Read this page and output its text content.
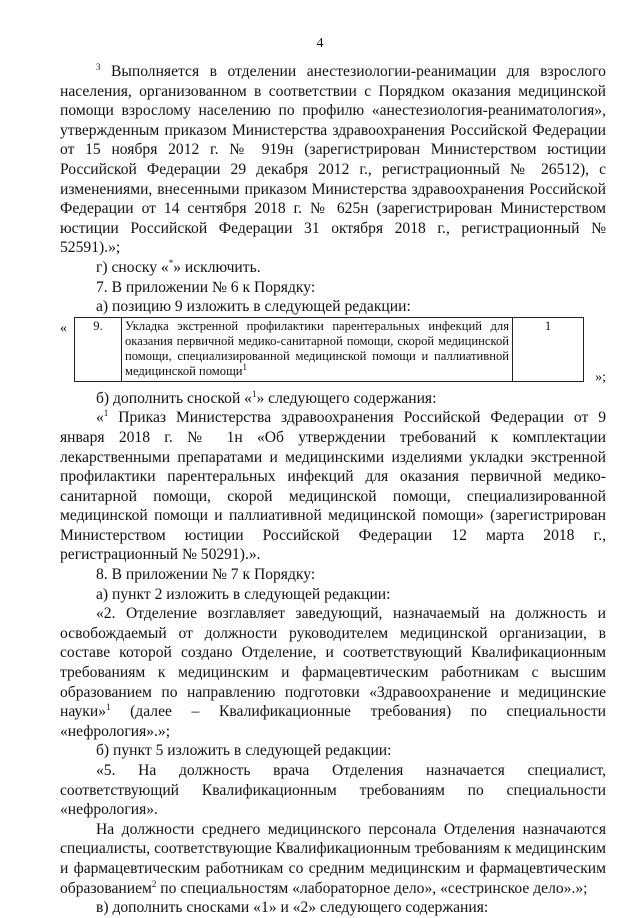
4

$^3$ Выполняется в отделении анестезиологии-реанимации для взрослого населения, организованном в соответствии с Порядком оказания медицинской помощи взрослому населению по профилю «анестезиология-реаниматология», утвержденным приказом Министерства здравоохранения Российской Федерации от 15 ноября 2012 г. № 919н (зарегистрирован Министерством юстиции Российской Федерации 29 декабря 2012 г., регистрационный № 26512), с изменениями, внесенными приказом Министерства здравоохранения Российской Федерации от 14 сентября 2018 г. № 625н (зарегистрирован Министерством юстиции Российской Федерации 31 октября 2018 г., регистрационный № 52591).»;

г) сноску «*» исключить.

7. В приложении № 6 к Порядку:

а) позицию 9 изложить в следующей редакции:

« 9.	Укладка экстренной профилактики парентеральных инфекций для оказания первичной медико-санитарной помощи, скорой медицинской помощи, специализированной медицинской помощи и паллиативной медицинской помощи$^1$	1
»;

б) дополнить сноской «$^1$» следующего содержания:

«$^1$ Приказ Министерства здравоохранения Российской Федерации от 9 января 2018 г. № 1н «Об утверждении требований к комплектации лекарственными препаратами и медицинскими изделиями укладки экстренной профилактики парентеральных инфекций для оказания первичной медико-санитарной помощи, скорой медицинской помощи, специализированной медицинской помощи и паллиативной медицинской помощи» (зарегистрирован Министерством юстиции Российской Федерации 12 марта 2018 г., регистрационный № 50291).».

8. В приложении № 7 к Порядку:

а) пункт 2 изложить в следующей редакции:

«2. Отделение возглавляет заведующий, назначаемый на должность и освобождаемый от должности руководителем медицинской организации, в составе которой создано Отделение, и соответствующий Квалификационным требованиям к медицинским и фармацевтическим работникам с высшим образованием по направлению подготовки «Здравоохранение и медицинские науки»$^1$ (далее – Квалификационные требования) по специальности «нефрология».»;

б) пункт 5 изложить в следующей редакции:

«5. На должность врача Отделения назначается специалист, соответствующий Квалификационным требованиям по специальности «нефрология».

На должности среднего медицинского персонала Отделения назначаются специалисты, соответствующие Квалификационным требованиям к медицинским и фармацевтическим работникам со средним медицинским и фармацевтическим образованием$^2$ по специальностям «лабораторное дело», «сестринское дело».»;

в) дополнить сносками «1» и «2» следующего содержания:
